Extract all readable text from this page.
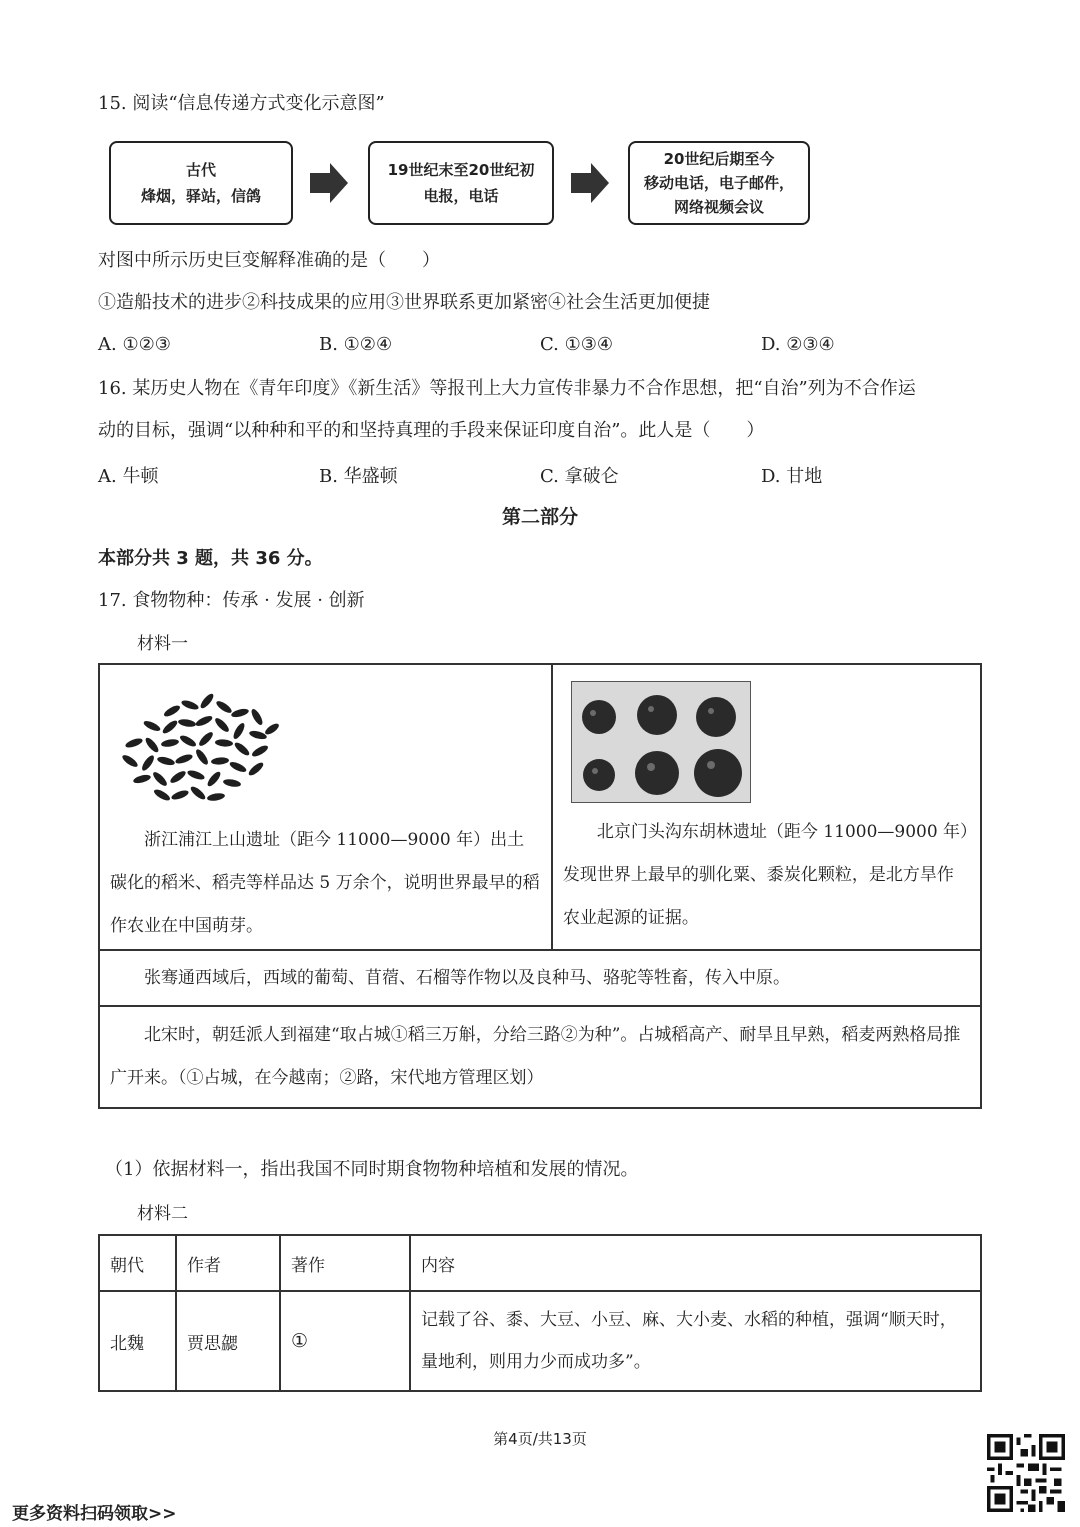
15. 阅读“信息传递方式变化示意图”
古代
烽烟，驿站，信鸽
19世纪末至20世纪初
电报，电话
20世纪后期至今
移动电话，电子邮件，
网络视频会议
对图中所示历史巨变解释准确的是（　　）
①造船技术的进步②科技成果的应用③世界联系更加紧密④社会生活更加便捷
A. ①②③	B. ①②④	C. ①③④	D. ②③④
16. 某历史人物在《青年印度》《新生活》等报刊上大力宣传非暴力不合作思想，把“自治”列为不合作运
动的目标，强调“以种种和平的和坚持真理的手段来保证印度自治”。此人是（　　）
A. 牛顿	B. 华盛顿	C. 拿破仑	D. 甘地
第二部分
本部分共 3 题，共 36 分。
17. 食物物种：传承 · 发展 · 创新
材料一
浙江浦江上山遗址（距今 11000—9000 年）出土碳化的稻米、稻壳等样品达 5 万余个，说明世界最早的稻作农业在中国萌芽。

北京门头沟东胡林遗址（距今 11000—9000 年）发现世界上最早的驯化粟、黍炭化颗粒，是北方旱作农业起源的证据。

张骞通西域后，西域的葡萄、苜蓿、石榴等作物以及良种马、骆驼等牲畜，传入中原。
北宋时，朝廷派人到福建“取占城①稻三万斛，分给三路②为种”。占城稻高产、耐旱且早熟，稻麦两熟格局推广开来。（①占城，在今越南；②路，宋代地方管理区划）
（1）依据材料一，指出我国不同时期食物物种培植和发展的情况。
材料二
朝代	作者	著作	内容
北魏	贾思勰	①	记载了谷、黍、大豆、小豆、麻、大小麦、水稻的种植，强调“顺天时，量地利，则用力少而成功多”。
第4页/共13页
更多资料扫码领取>>
